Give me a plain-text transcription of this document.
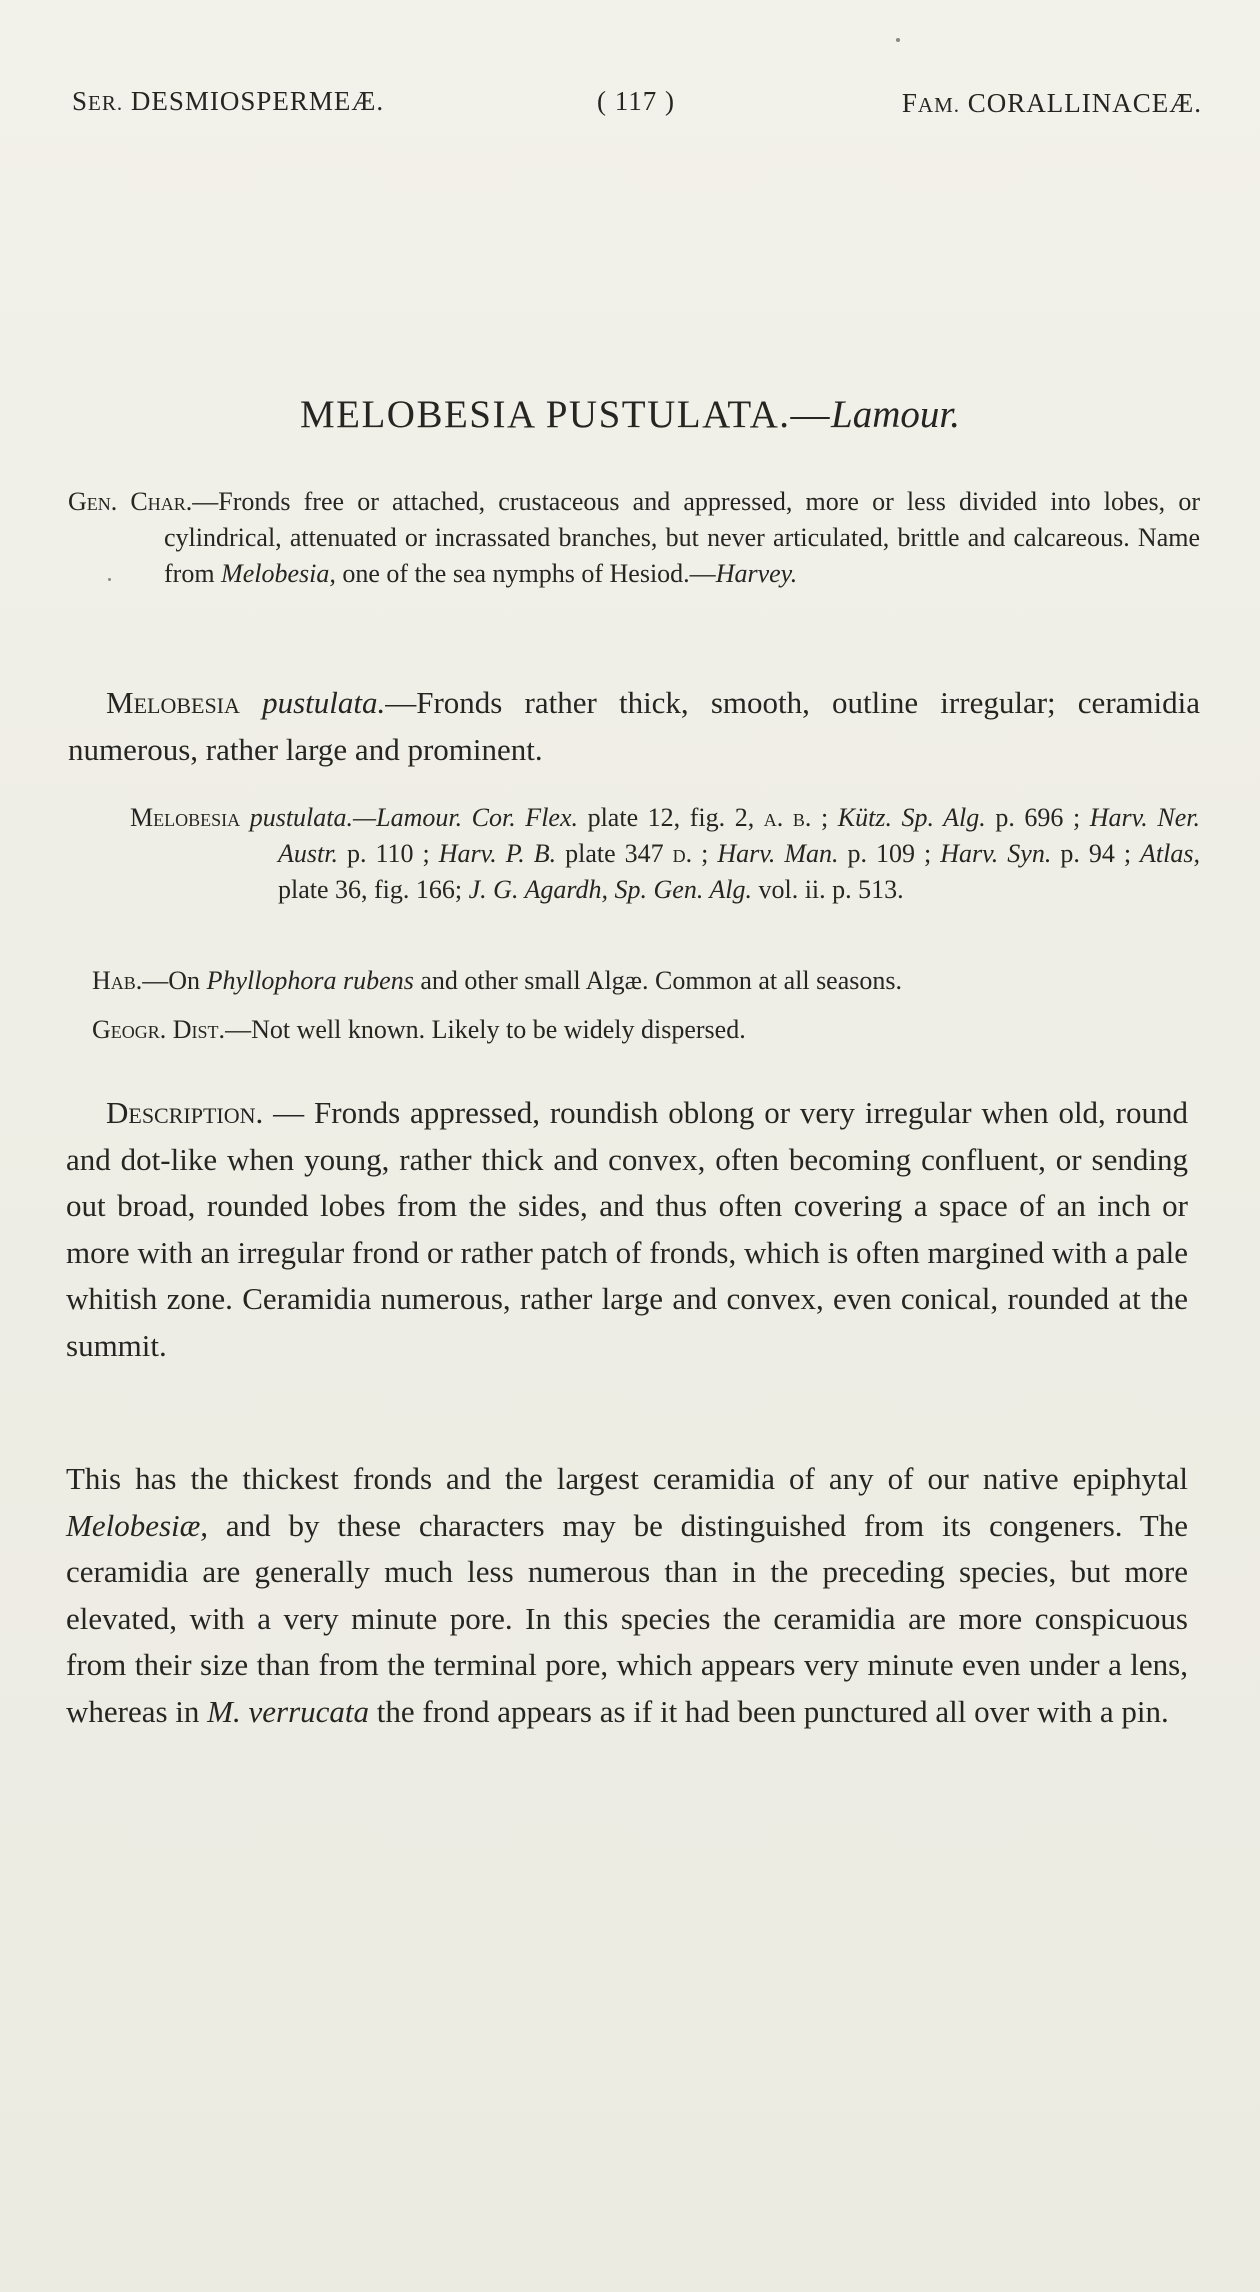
SER. DESMIOSPERMEÆ.	( 117 )	FAM. CORALLINACEÆ.
MELOBESIA PUSTULATA.—Lamour.
Gen. Char.—Fronds free or attached, crustaceous and appressed, more or less divided into lobes, or cylindrical, attenuated or incrassated branches, but never articulated, brittle and calcareous. Name from Melobesia, one of the sea nymphs of Hesiod.—Harvey.

Melobesia pustulata.—Fronds rather thick, smooth, outline irregular; ceramidia numerous, rather large and prominent.

Melobesia pustulata.—Lamour. Cor. Flex. plate 12, fig. 2, a. b. ; Kütz. Sp. Alg. p. 696 ; Harv. Ner. Austr. p. 110 ; Harv. P. B. plate 347 d. ; Harv. Man. p. 109 ; Harv. Syn. p. 94 ; Atlas, plate 36, fig. 166; J. G. Agardh, Sp. Gen. Alg. vol. ii. p. 513.
Hab.—On Phyllophora rubens and other small Algæ. Common at all seasons.
Geogr. Dist.—Not well known. Likely to be widely dispersed.

Description. — Fronds appressed, roundish oblong or very irregular when old, round and dot-like when young, rather thick and convex, often becoming confluent, or sending out broad, rounded lobes from the sides, and thus often covering a space of an inch or more with an irregular frond or rather patch of fronds, which is often margined with a pale whitish zone. Ceramidia numerous, rather large and convex, even conical, rounded at the summit.

This has the thickest fronds and the largest ceramidia of any of our native epiphytal Melobesiæ, and by these characters may be distinguished from its congeners. The ceramidia are generally much less numerous than in the preceding species, but more elevated, with a very minute pore. In this species the ceramidia are more conspicuous from their size than from the terminal pore, which appears very minute even under a lens, whereas in M. verrucata the frond appears as if it had been punctured all over with a pin.
